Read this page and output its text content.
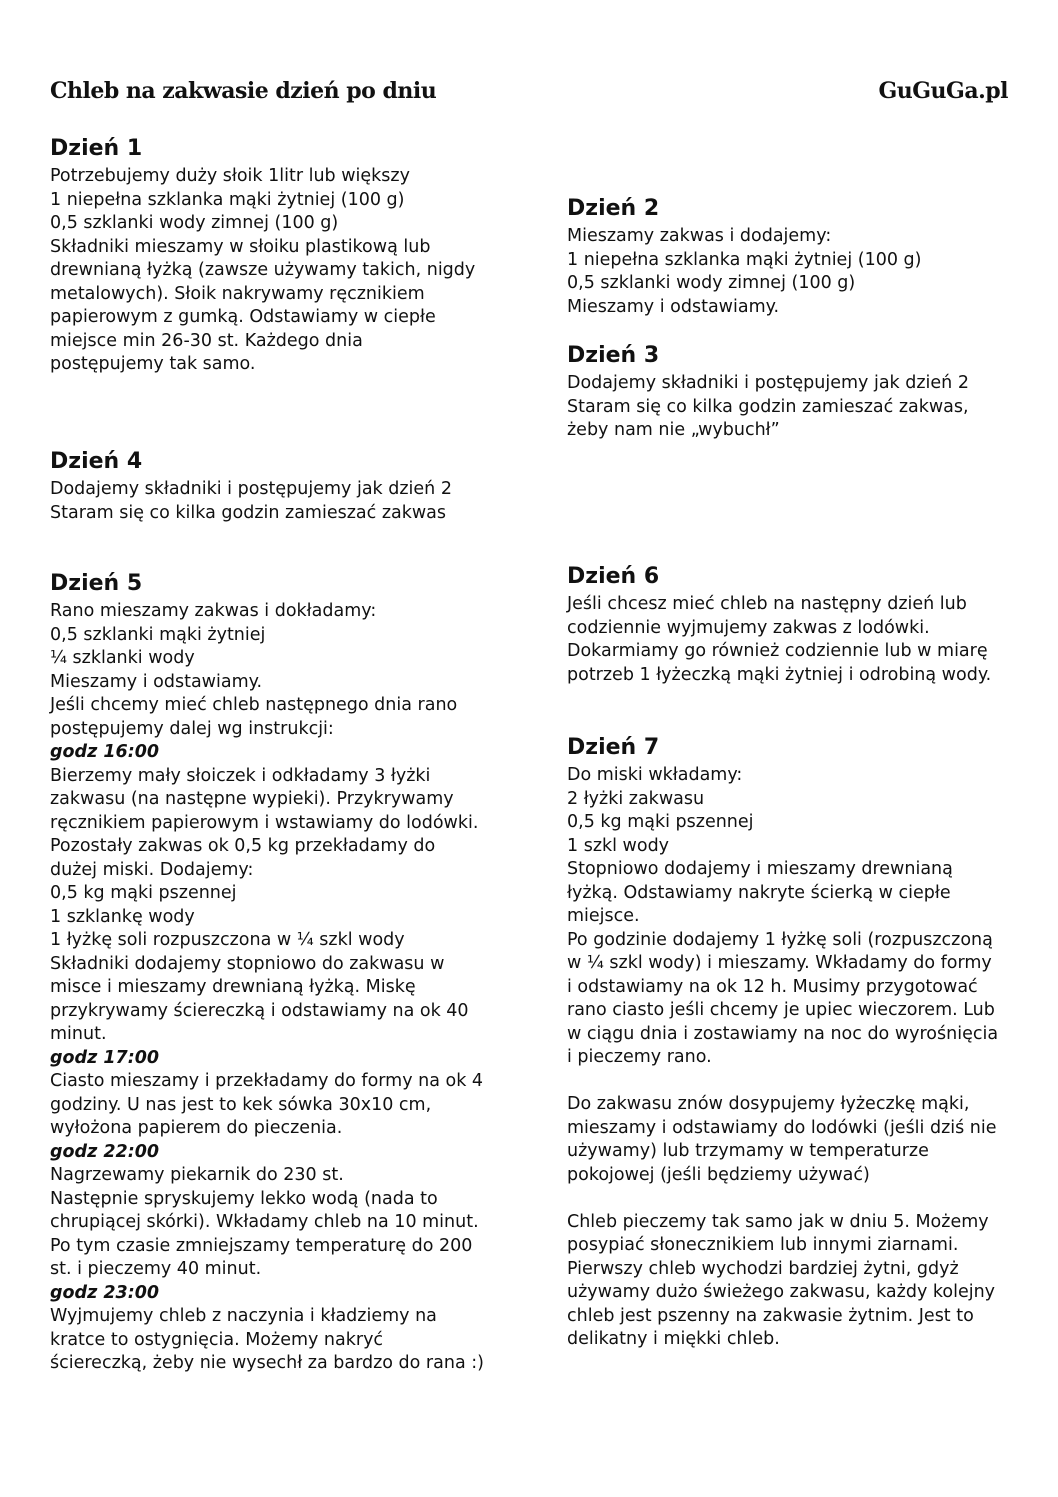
Chleb na zakwasie dzień po dniu	GuGuGa.pl
Dzień 1
Potrzebujemy duży słoik 1litr lub większy
1 niepełna szklanka mąki żytniej (100 g)
0,5 szklanki wody zimnej (100 g)
Składniki mieszamy w słoiku plastikową lub
drewnianą łyżką (zawsze używamy takich, nigdy
metalowych). Słoik nakrywamy ręcznikiem
papierowym z gumką. Odstawiamy w ciepłe
miejsce min 26-30 st. Każdego dnia
postępujemy tak samo.
Dzień 2
Mieszamy zakwas i dodajemy:
1 niepełna szklanka mąki żytniej (100 g)
0,5 szklanki wody zimnej (100 g)
Mieszamy i odstawiamy.
Dzień 3
Dodajemy składniki i postępujemy jak dzień 2
Staram się co kilka godzin zamieszać zakwas,
żeby nam nie „wybuchł”
Dzień 4
Dodajemy składniki i postępujemy jak dzień 2
Staram się co kilka godzin zamieszać zakwas
Dzień 5
Rano mieszamy zakwas i dokładamy:
0,5 szklanki mąki żytniej
¼ szklanki wody
Mieszamy i odstawiamy.
Jeśli chcemy mieć chleb następnego dnia rano
postępujemy dalej wg instrukcji:
godz 16:00
Bierzemy mały słoiczek i odkładamy 3 łyżki
zakwasu (na następne wypieki). Przykrywamy
ręcznikiem papierowym i wstawiamy do lodówki.
Pozostały zakwas ok 0,5 kg przekładamy do
dużej miski. Dodajemy:
0,5 kg mąki pszennej
1 szklankę wody
1 łyżkę soli rozpuszczona w ¼ szkl wody
Składniki dodajemy stopniowo do zakwasu w
misce i mieszamy drewnianą łyżką. Miskę
przykrywamy ściereczką i odstawiamy na ok 40
minut.
godz 17:00
Ciasto mieszamy i przekładamy do formy na ok 4
godziny. U nas jest to kek sówka 30x10 cm,
wyłożona papierem do pieczenia.
godz 22:00
Nagrzewamy piekarnik do 230 st.
Następnie spryskujemy lekko wodą (nada to
chrupiącej skórki). Wkładamy chleb na 10 minut.
Po tym czasie zmniejszamy temperaturę do 200
st. i pieczemy 40 minut.
godz 23:00
Wyjmujemy chleb z naczynia i kładziemy na
kratce to ostygnięcia. Możemy nakryć
ściereczką, żeby nie wysechł za bardzo do rana :)
Dzień 6
Jeśli chcesz mieć chleb na następny dzień lub
codziennie wyjmujemy zakwas z lodówki.
Dokarmiamy go również codziennie lub w miarę
potrzeb 1 łyżeczką mąki żytniej i odrobiną wody.
Dzień 7
Do miski wkładamy:
2 łyżki zakwasu
0,5 kg mąki pszennej
1 szkl wody
Stopniowo dodajemy i mieszamy drewnianą
łyżką. Odstawiamy nakryte ścierką w ciepłe
miejsce.
Po godzinie dodajemy 1 łyżkę soli (rozpuszczoną
w ¼ szkl wody) i mieszamy. Wkładamy do formy
i odstawiamy na ok 12 h. Musimy przygotować
rano ciasto jeśli chcemy je upiec wieczorem. Lub
w ciągu dnia i zostawiamy na noc do wyrośnięcia
i pieczemy rano.
Do zakwasu znów dosypujemy łyżeczkę mąki,
mieszamy i odstawiamy do lodówki (jeśli dziś nie
używamy) lub trzymamy w temperaturze
pokojowej (jeśli będziemy używać)
Chleb pieczemy tak samo jak w dniu 5. Możemy
posypiać słonecznikiem lub innymi ziarnami.
Pierwszy chleb wychodzi bardziej żytni, gdyż
używamy dużo świeżego zakwasu, każdy kolejny
chleb jest pszenny na zakwasie żytnim. Jest to
delikatny i miękki chleb.
